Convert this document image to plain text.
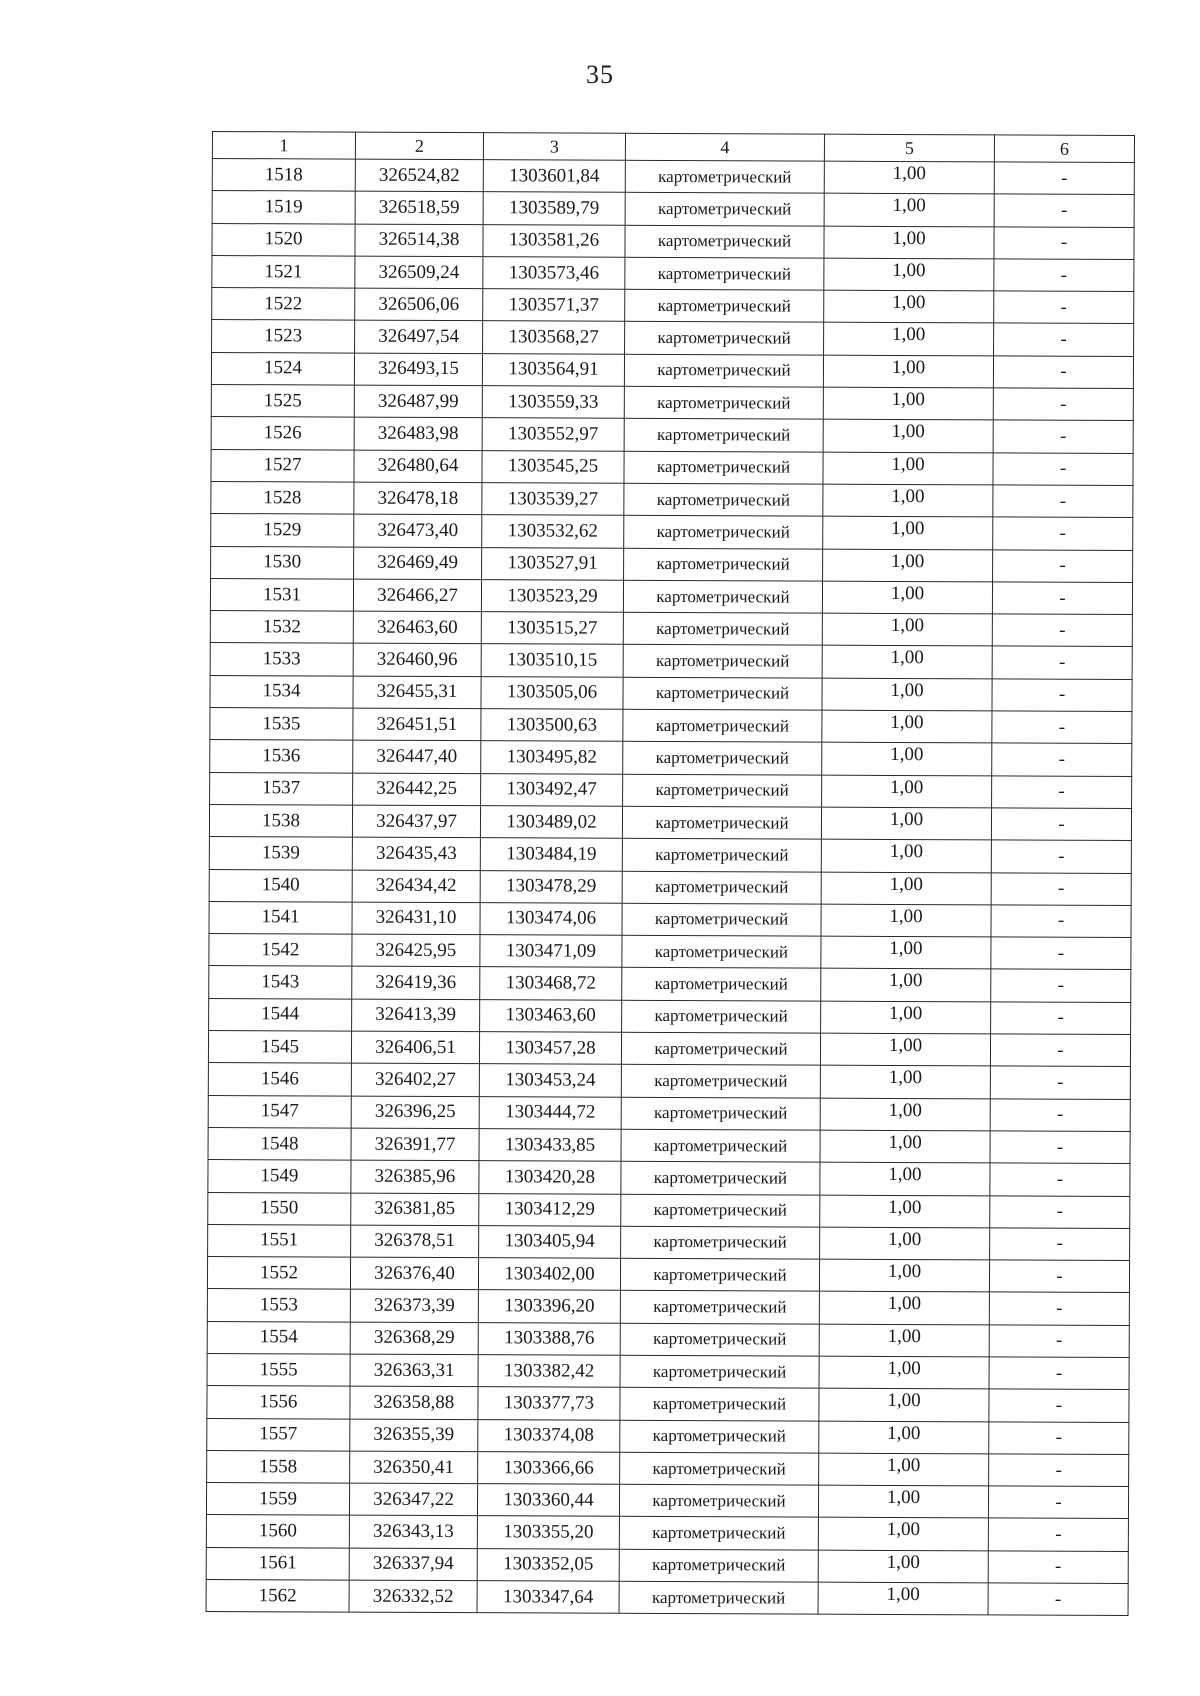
35
1	2	3	4	5	6
1518	326524,82	1303601,84	картометрический	1,00	-
1519	326518,59	1303589,79	картометрический	1,00	-
1520	326514,38	1303581,26	картометрический	1,00	-
1521	326509,24	1303573,46	картометрический	1,00	-
1522	326506,06	1303571,37	картометрический	1,00	-
1523	326497,54	1303568,27	картометрический	1,00	-
1524	326493,15	1303564,91	картометрический	1,00	-
1525	326487,99	1303559,33	картометрический	1,00	-
1526	326483,98	1303552,97	картометрический	1,00	-
1527	326480,64	1303545,25	картометрический	1,00	-
1528	326478,18	1303539,27	картометрический	1,00	-
1529	326473,40	1303532,62	картометрический	1,00	-
1530	326469,49	1303527,91	картометрический	1,00	-
1531	326466,27	1303523,29	картометрический	1,00	-
1532	326463,60	1303515,27	картометрический	1,00	-
1533	326460,96	1303510,15	картометрический	1,00	-
1534	326455,31	1303505,06	картометрический	1,00	-
1535	326451,51	1303500,63	картометрический	1,00	-
1536	326447,40	1303495,82	картометрический	1,00	-
1537	326442,25	1303492,47	картометрический	1,00	-
1538	326437,97	1303489,02	картометрический	1,00	-
1539	326435,43	1303484,19	картометрический	1,00	-
1540	326434,42	1303478,29	картометрический	1,00	-
1541	326431,10	1303474,06	картометрический	1,00	-
1542	326425,95	1303471,09	картометрический	1,00	-
1543	326419,36	1303468,72	картометрический	1,00	-
1544	326413,39	1303463,60	картометрический	1,00	-
1545	326406,51	1303457,28	картометрический	1,00	-
1546	326402,27	1303453,24	картометрический	1,00	-
1547	326396,25	1303444,72	картометрический	1,00	-
1548	326391,77	1303433,85	картометрический	1,00	-
1549	326385,96	1303420,28	картометрический	1,00	-
1550	326381,85	1303412,29	картометрический	1,00	-
1551	326378,51	1303405,94	картометрический	1,00	-
1552	326376,40	1303402,00	картометрический	1,00	-
1553	326373,39	1303396,20	картометрический	1,00	-
1554	326368,29	1303388,76	картометрический	1,00	-
1555	326363,31	1303382,42	картометрический	1,00	-
1556	326358,88	1303377,73	картометрический	1,00	-
1557	326355,39	1303374,08	картометрический	1,00	-
1558	326350,41	1303366,66	картометрический	1,00	-
1559	326347,22	1303360,44	картометрический	1,00	-
1560	326343,13	1303355,20	картометрический	1,00	-
1561	326337,94	1303352,05	картометрический	1,00	-
1562	326332,52	1303347,64	картометрический	1,00	-
